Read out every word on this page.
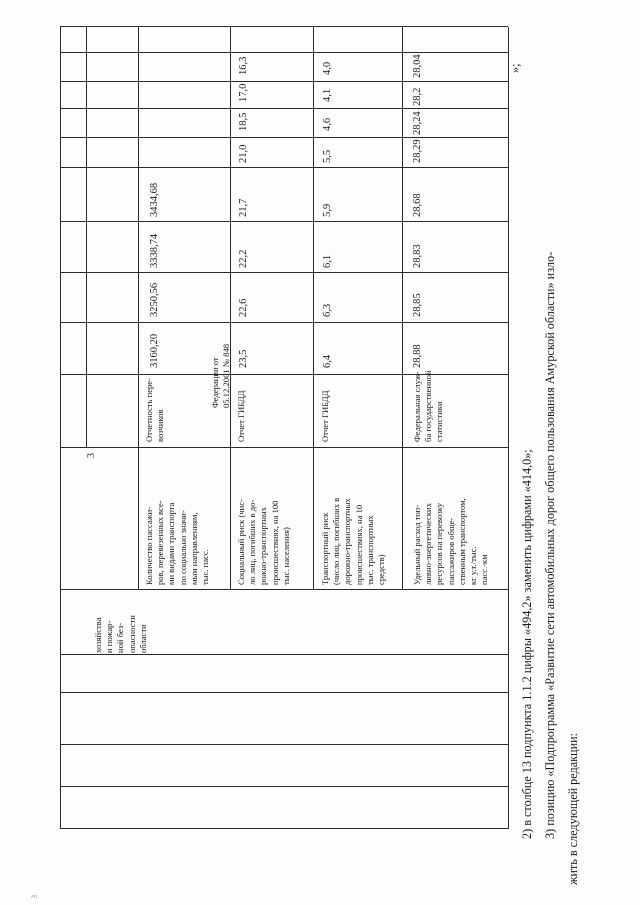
3
хозяйства
и пожар-
ной без-
опасности
области
Федерации от
05.12.2001 № 848
Количество пассажи-
ров, перевезенных все-
ми видами транспорта
по социально значи-
мым направлениям,
тыс. пасс.
Отчетность пере-
возчиков
Социальный риск (чис-
ло лиц, погибших в до-
рожно-транспортных
происшествиях, на 100
тыс. населения)
Отчет ГИБДД
Транспортный риск
(число лиц, погибших в
дорожно-транспортных
происшествиях, на 10
тыс. транспортных
средств)
Отчет ГИБДД
Удельный расход топ-
ливно-энергетических
ресурсов на перевозку
пассажиров обще-
ственным транспортом,
кг у.т./тыс.
пасс.-км
Федеральная служ-
ба государственной
статистики
3160,20
3250,56
3338,74
3434,68
23,5
22,6
22,2
21,7
21,0
18,5
17,0
16,3
6,4
6,3
6,1
5,9
5,5
4,6
4,1
4,0
28,88
28,85
28,83
28,68
28,29
28,24
28,2
28,04	»;
2) в столбце 13 подпункта 1.1.2 цифры «494,2» заменить цифрами «414,0»; 3) позицию «Подпрограмма «Развитие сети автомобильных дорог общего пользования Амурской области» изло- жить в следующей редакции:
3
